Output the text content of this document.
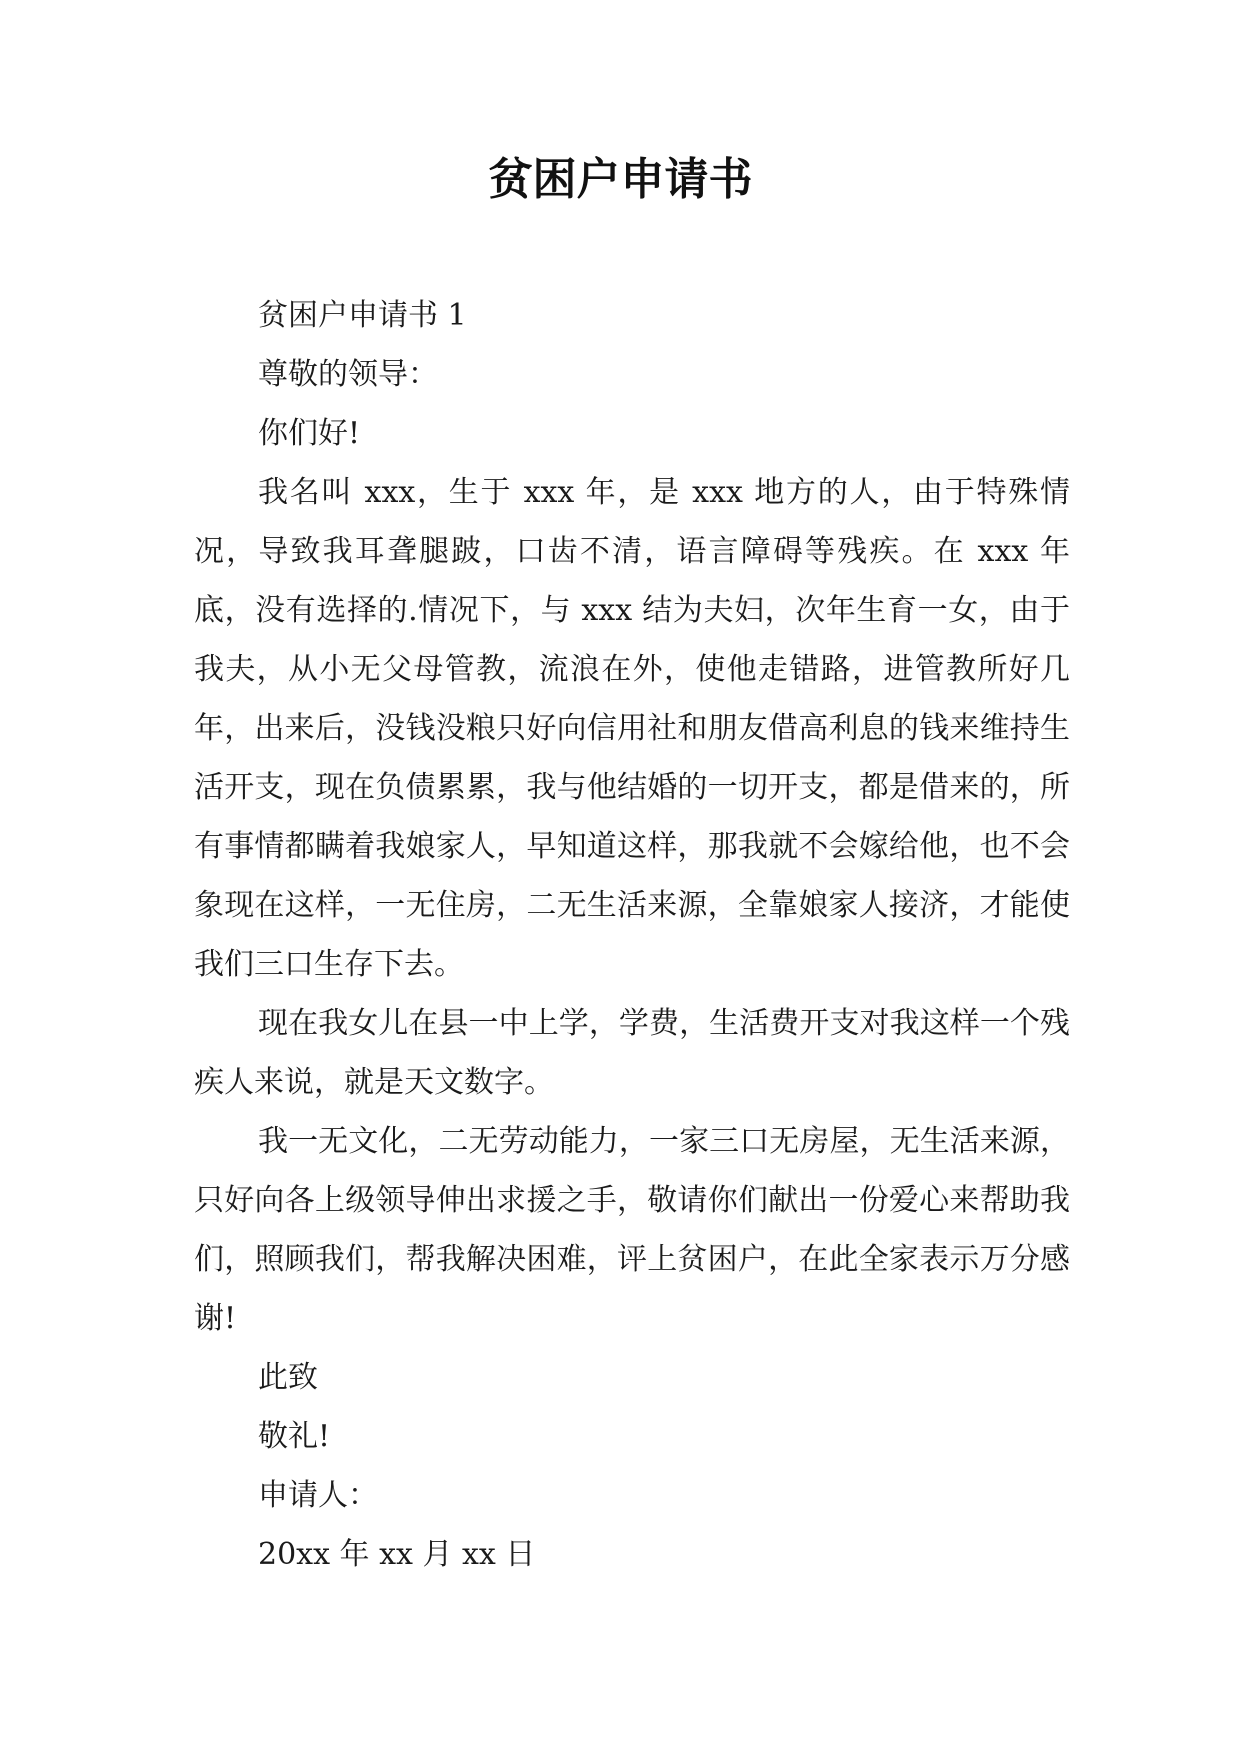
贫困户申请书

贫困户申请书 1

尊敬的领导：

你们好!

我名叫 xxx，生于 xxx 年，是 xxx 地方的人，由于特殊情况，导致我耳聋腿跛，口齿不清，语言障碍等残疾。在 xxx 年底，没有选择的.情况下，与 xxx 结为夫妇，次年生育一女，由于我夫，从小无父母管教，流浪在外，使他走错路，进管教所好几年，出来后，没钱没粮只好向信用社和朋友借高利息的钱来维持生活开支，现在负债累累，我与他结婚的一切开支，都是借来的，所有事情都瞒着我娘家人，早知道这样，那我就不会嫁给他，也不会象现在这样，一无住房，二无生活来源，全靠娘家人接济，才能使我们三口生存下去。

现在我女儿在县一中上学，学费，生活费开支对我这样一个残疾人来说，就是天文数字。

我一无文化，二无劳动能力，一家三口无房屋，无生活来源，只好向各上级领导伸出求援之手，敬请你们献出一份爱心来帮助我们，照顾我们，帮我解决困难，评上贫困户，在此全家表示万分感谢!

此致

敬礼!

申请人：

20xx 年 xx 月 xx 日
